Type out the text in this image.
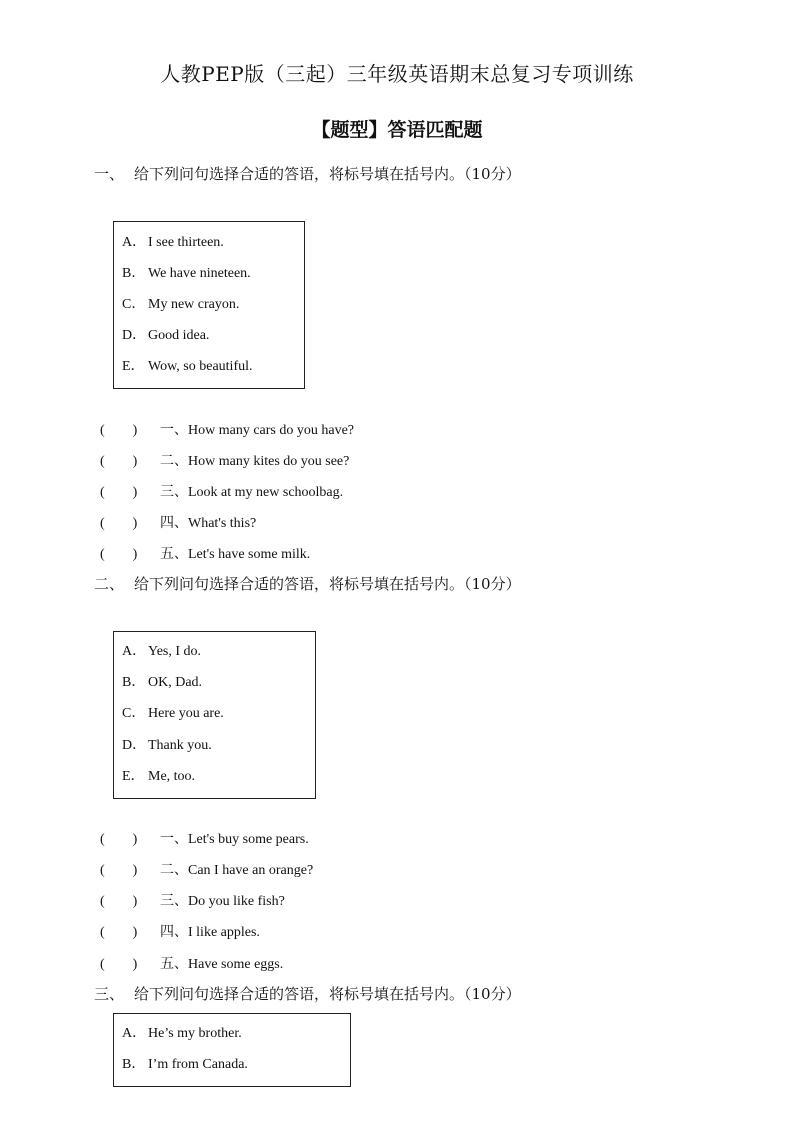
人教PEP版（三起）三年级英语期末总复习专项训练
【题型】答语匹配题
一、 给下列问句选择合适的答语，将标号填在括号内。（10分）
A． I see thirteen.
B． We have nineteen.
C． My new crayon.
D． Good idea.
E． Wow, so beautiful.
(　　) 一、How many cars do you have?
(　　) 二、How many kites do you see?
(　　) 三、Look at my new schoolbag.
(　　) 四、What's this?
(　　) 五、Let's have some milk.
二、 给下列问句选择合适的答语，将标号填在括号内。（10分）
A． Yes, I do.
B． OK, Dad.
C． Here you are.
D． Thank you.
E． Me, too.
(　　) 一、Let's buy some pears.
(　　) 二、Can I have an orange?
(　　) 三、Do you like fish?
(　　) 四、I like apples.
(　　) 五、Have some eggs.
三、 给下列问句选择合适的答语，将标号填在括号内。（10分）
A． He’s my brother.
B． I’m from Canada.
